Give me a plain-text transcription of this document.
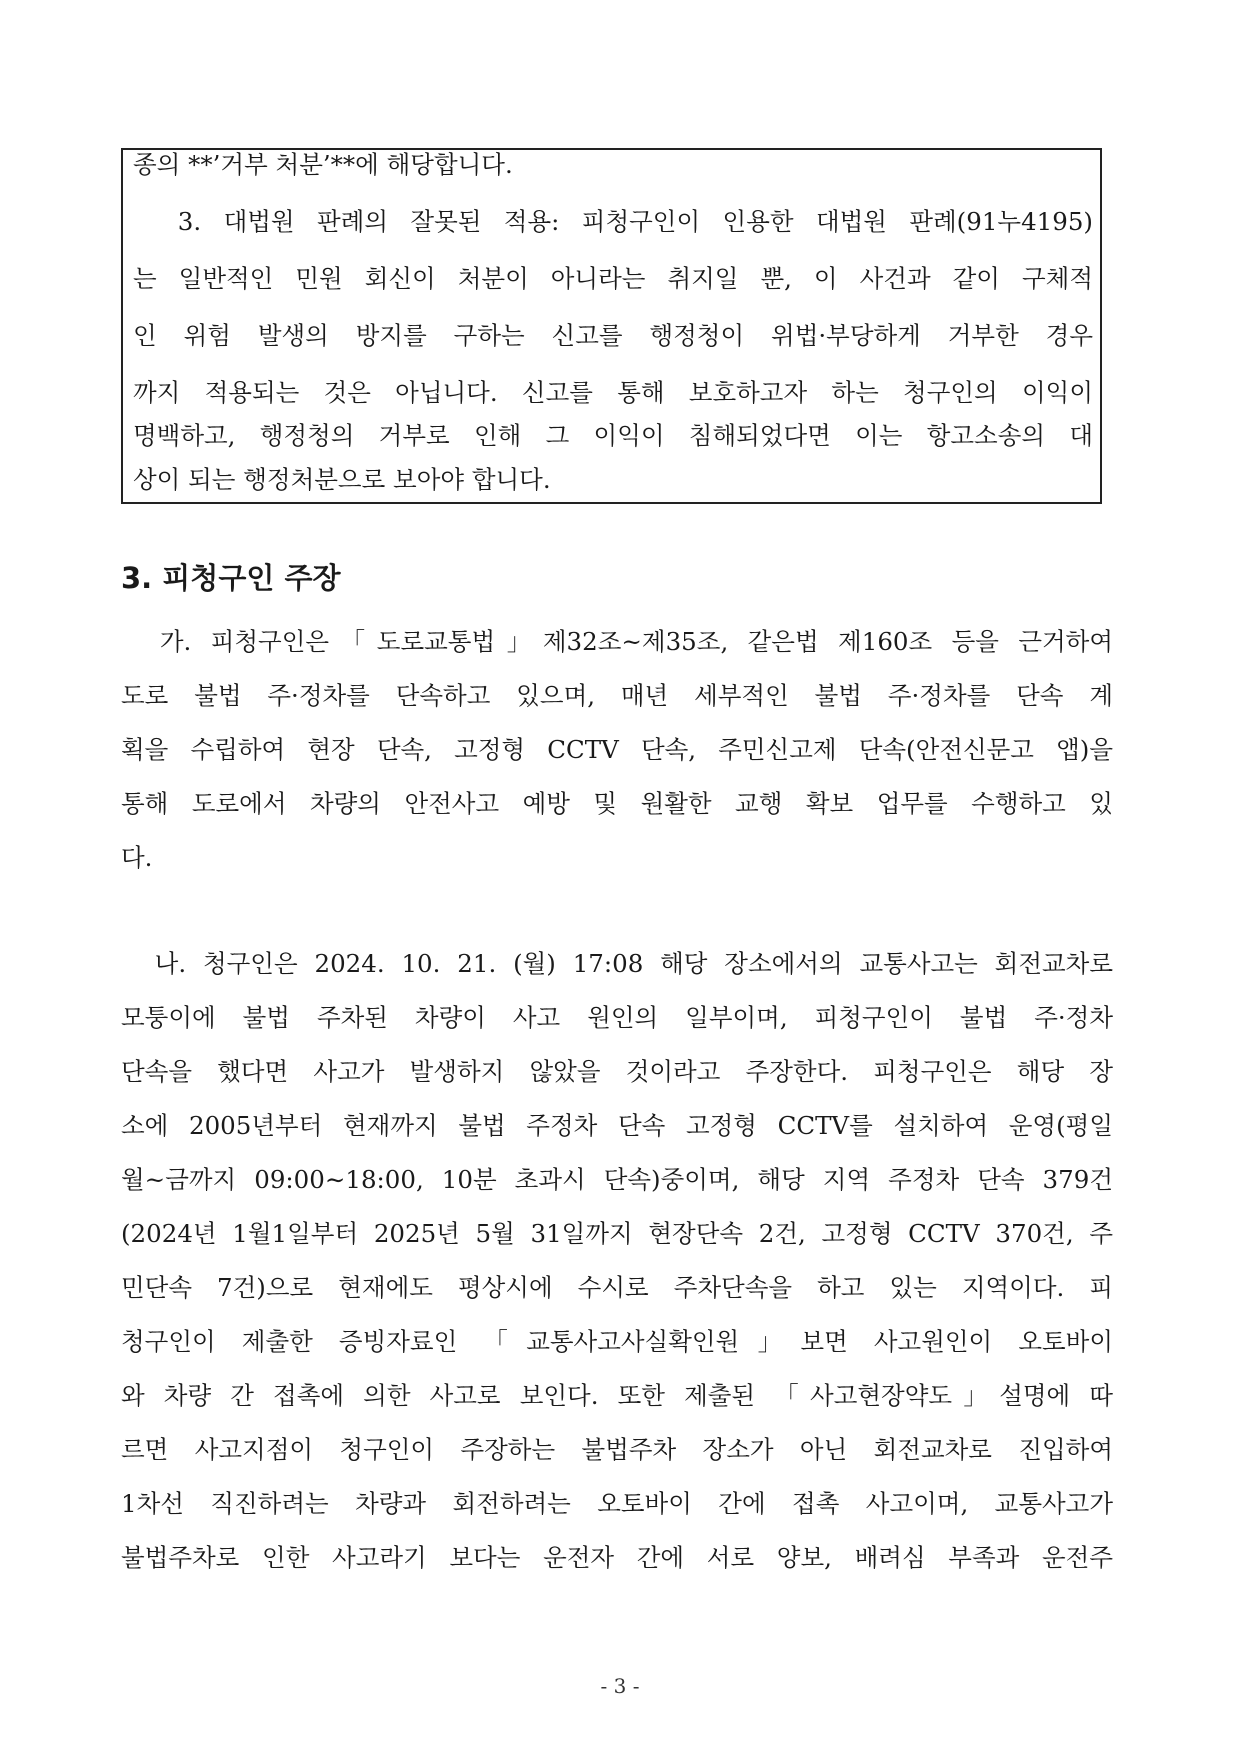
종의 **’거부 처분’**에 해당합니다.
3. 대법원 판례의 잘못된 적용: 피청구인이 인용한 대법원 판례(91누4195)
는 일반적인 민원 회신이 처분이 아니라는 취지일 뿐, 이 사건과 같이 구체적
인 위험 발생의 방지를 구하는 신고를 행정청이 위법·부당하게 거부한 경우
까지 적용되는 것은 아닙니다. 신고를 통해 보호하고자 하는 청구인의 이익이
명백하고, 행정청의 거부로 인해 그 이익이 침해되었다면 이는 항고소송의 대
상이 되는 행정처분으로 보아야 합니다.
3. 피청구인 주장
가. 피청구인은「도로교통법」제32조~제35조, 같은법 제160조 등을 근거하여
도로 불법 주·정차를 단속하고 있으며, 매년 세부적인 불법 주·정차를 단속 계
획을 수립하여 현장 단속, 고정형 CCTV 단속, 주민신고제 단속(안전신문고 앱)을
통해 도로에서 차량의 안전사고 예방 및 원활한 교행 확보 업무를 수행하고 있
다.
나. 청구인은 2024. 10. 21. (월) 17:08 해당 장소에서의 교통사고는 회전교차로
모퉁이에 불법 주차된 차량이 사고 원인의 일부이며, 피청구인이 불법 주·정차
단속을 했다면 사고가 발생하지 않았을 것이라고 주장한다. 피청구인은 해당 장
소에 2005년부터 현재까지 불법 주정차 단속 고정형 CCTV를 설치하여 운영(평일
월~금까지 09:00∼18:00, 10분 초과시 단속)중이며, 해당 지역 주정차 단속 379건
(2024년 1월1일부터 2025년 5월 31일까지 현장단속 2건, 고정형 CCTV 370건, 주
민단속 7건)으로 현재에도 평상시에 수시로 주차단속을 하고 있는 지역이다. 피
청구인이 제출한 증빙자료인 「교통사고사실확인원」보면 사고원인이 오토바이
와 차량 간 접촉에 의한 사고로 보인다. 또한 제출된 「사고현장약도」설명에 따
르면 사고지점이 청구인이 주장하는 불법주차 장소가 아닌 회전교차로 진입하여
1차선 직진하려는 차량과 회전하려는 오토바이 간에 접촉 사고이며, 교통사고가
불법주차로 인한 사고라기 보다는 운전자 간에 서로 양보, 배려심 부족과 운전주
- 3 -
